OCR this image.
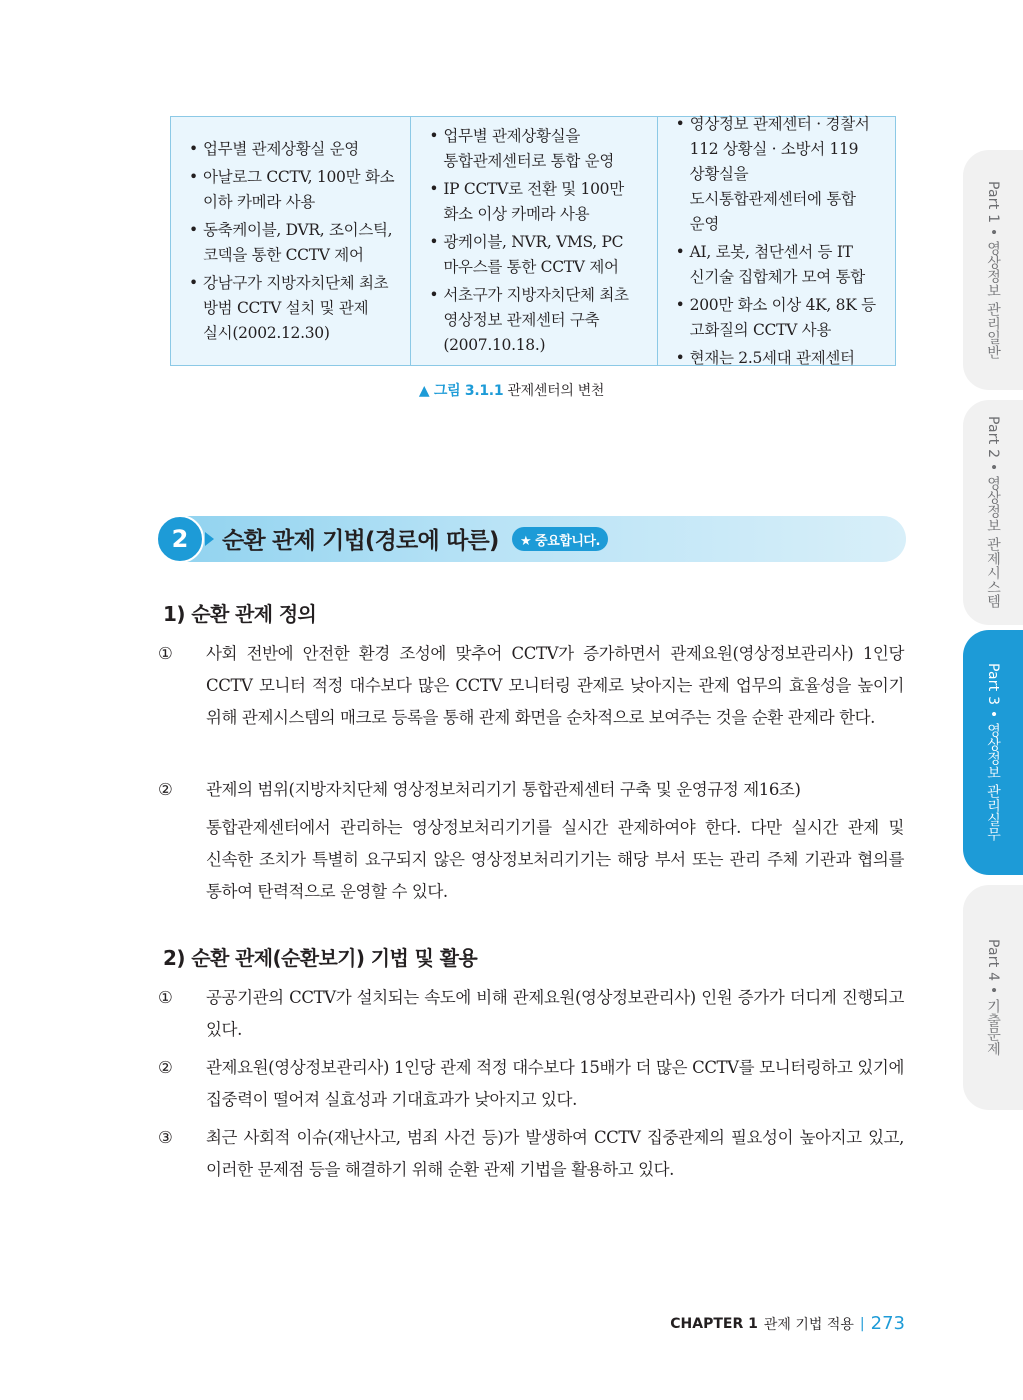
• 업무별 관제상황실 운영
• 아날로그 CCTV, 100만 화소 이하 카메라 사용
• 동축케이블, DVR, 조이스틱, 코덱을 통한 CCTV 제어
• 강남구가 지방자치단체 최초 방범 CCTV 설치 및 관제 실시(2002.12.30)
• 업무별 관제상황실을 통합관제센터로 통합 운영
• IP CCTV로 전환 및 100만 화소 이상 카메라 사용
• 광케이블, NVR, VMS, PC 마우스를 통한 CCTV 제어
• 서초구가 지방자치단체 최초 영상정보 관제센터 구축(2007.10.18.)
• 영상정보 관제센터 · 경찰서 112 상황실 · 소방서 119 상황실을 도시통합관제센터에 통합 운영
• AI, 로봇, 첨단센서 등 IT 신기술 집합체가 모여 통합
• 200만 화소 이상 4K, 8K 등 고화질의 CCTV 사용
• 현재는 2.5세대 관제센터
▲ 그림 3.1.1 관제센터의 변천
2	순환 관제 기법(경로에 따른)	★ 중요합니다.
1) 순환 관제 정의
① 사회 전반에 안전한 환경 조성에 맞추어 CCTV가 증가하면서 관제요원(영상정보관리사) 1인당 CCTV 모니터 적정 대수보다 많은 CCTV 모니터링 관제로 낮아지는 관제 업무의 효율성을 높이기 위해 관제시스템의 매크로 등록을 통해 관제 화면을 순차적으로 보여주는 것을 순환 관제라 한다.
② 관제의 범위(지방자치단체 영상정보처리기기 통합관제센터 구축 및 운영규정 제16조)
통합관제센터에서 관리하는 영상정보처리기기를 실시간 관제하여야 한다. 다만 실시간 관제 및 신속한 조치가 특별히 요구되지 않은 영상정보처리기기는 해당 부서 또는 관리 주체 기관과 협의를 통하여 탄력적으로 운영할 수 있다.
2) 순환 관제(순환보기) 기법 및 활용
① 공공기관의 CCTV가 설치되는 속도에 비해 관제요원(영상정보관리사) 인원 증가가 더디게 진행되고 있다.
② 관제요원(영상정보관리사) 1인당 관제 적정 대수보다 15배가 더 많은 CCTV를 모니터링하고 있기에 집중력이 떨어져 실효성과 기대효과가 낮아지고 있다.
③ 최근 사회적 이슈(재난사고, 범죄 사건 등)가 발생하여 CCTV 집중관제의 필요성이 높아지고 있고, 이러한 문제점 등을 해결하기 위해 순환 관제 기법을 활용하고 있다.
Part 1 • 영상정보 관리일반
Part 2 • 영상정보 관제시스템
Part 3 • 영상정보 관리실무
Part 4 • 기출문제
CHAPTER 1 관제 기법 적용 | 273
